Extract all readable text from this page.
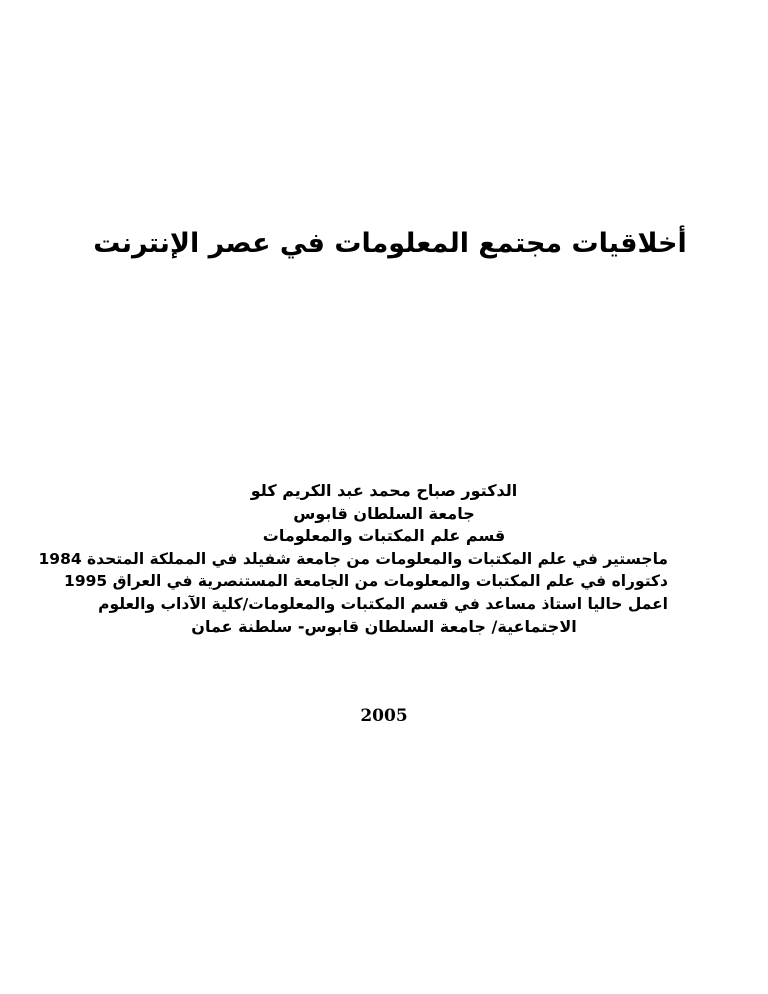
أخلاقيات مجتمع المعلومات في عصر الإنترنت
الدكتور صباح محمد عبد الكريم كلو
جامعة السلطان قابوس
قسم علم المكتبات والمعلومات
ماجستير في علم المكتبات والمعلومات من جامعة شفيلد في المملكة المتحدة 1984
دكتوراه في علم المكتبات والمعلومات من الجامعة المستنصرية في العراق 1995
اعمل حاليا استاذ مساعد في قسم المكتبات والمعلومات/كلية الآداب والعلوم
الاجتماعية/ جامعة السلطان قابوس- سلطنة عمان
2005
